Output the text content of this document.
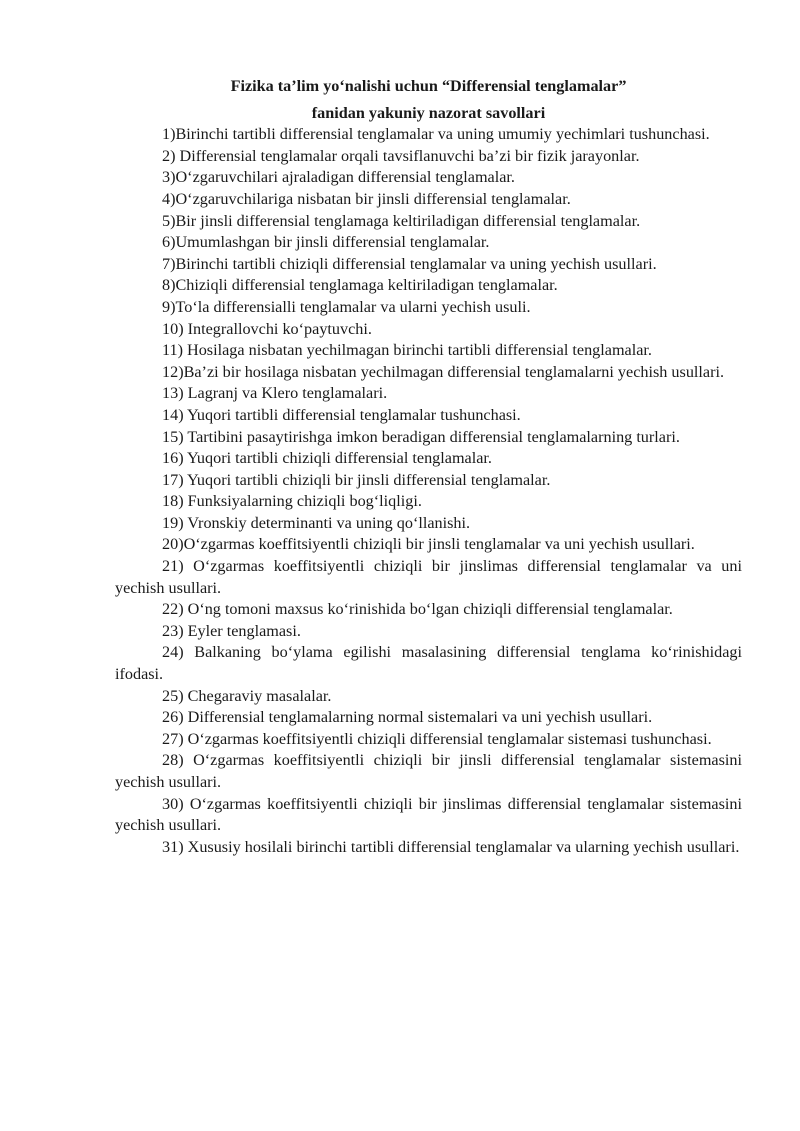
Fizika ta’lim yo‘nalishi uchun “Differensial tenglamalar”

fanidan yakuniy nazorat savollari

1)Birinchi tartibli differensial tenglamalar va uning umumiy yechimlari tushunchasi.

2) Differensial tenglamalar orqali tavsiflanuvchi ba’zi bir fizik jarayonlar.

3)O‘zgaruvchilari ajraladigan differensial tenglamalar.

4)O‘zgaruvchilariga nisbatan bir jinsli differensial tenglamalar.

5)Bir jinsli differensial tenglamaga keltiriladigan differensial tenglamalar.

6)Umumlashgan bir jinsli differensial tenglamalar.

7)Birinchi tartibli chiziqli differensial tenglamalar va uning yechish usullari.

8)Chiziqli differensial tenglamaga keltiriladigan tenglamalar.

9)To‘la differensialli tenglamalar va ularni yechish usuli.

10) Integrallovchi ko‘paytuvchi.

11) Hosilaga nisbatan yechilmagan birinchi tartibli differensial tenglamalar.

12)Ba’zi bir hosilaga nisbatan yechilmagan differensial tenglamalarni yechish usullari.

13) Lagranj va Klero tenglamalari.

14) Yuqori tartibli differensial tenglamalar tushunchasi.

15) Tartibini pasaytirishga imkon beradigan differensial tenglamalarning turlari.

16) Yuqori tartibli chiziqli differensial tenglamalar.

17) Yuqori tartibli chiziqli bir jinsli differensial tenglamalar.

18) Funksiyalarning chiziqli bog‘liqligi.

19) Vronskiy determinanti va uning qo‘llanishi.

20)O‘zgarmas koeffitsiyentli chiziqli bir jinsli tenglamalar va uni yechish usullari.

21) O‘zgarmas koeffitsiyentli chiziqli bir jinslimas differensial tenglamalar va uni yechish usullari.

22) O‘ng tomoni maxsus ko‘rinishida bo‘lgan chiziqli differensial tenglamalar.

23) Eyler tenglamasi.

24) Balkaning bo‘ylama egilishi masalasining differensial tenglama ko‘rinishidagi ifodasi.

25) Chegaraviy masalalar.

26) Differensial tenglamalarning normal sistemalari va uni yechish usullari.

27) O‘zgarmas koeffitsiyentli chiziqli differensial tenglamalar sistemasi tushunchasi.

28) O‘zgarmas koeffitsiyentli chiziqli bir jinsli differensial tenglamalar sistemasini yechish usullari.

30) O‘zgarmas koeffitsiyentli chiziqli bir jinslimas differensial tenglamalar sistemasini yechish usullari.

31) Xususiy hosilali birinchi tartibli differensial tenglamalar va ularning yechish usullari.
